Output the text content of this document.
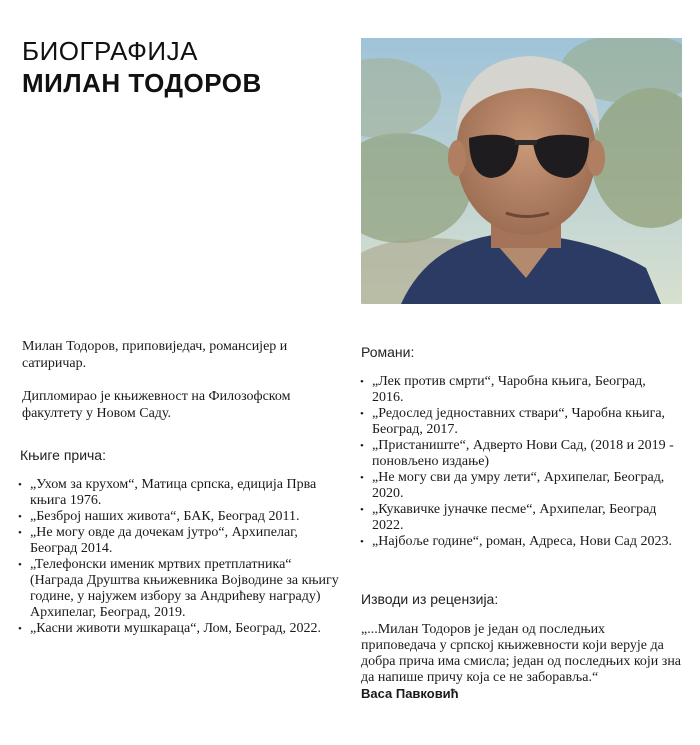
БИОГРАФИЈА
МИЛАН ТОДОРОВ

Милан Тодоров, приповиједач, романсијер и сатиричар.

Дипломирао је књижевност на Филозофском факултету у Новом Саду.

Књиге прича:
• „Ухом за крухом“, Матица српска, едиција Прва књига 1976.
• „Безброј наших живота“, БАК, Београд 2011.
• „Не могу овде да дочекам јутро“, Архипелаг, Београд 2014.
• „Телефонски именик мртвих претплатника“ (Награда Друштва књижевника Војводине за књигу године, у најужем избору за Андрићеву награду) Архипелаг, Београд, 2019.
• „Касни животи мушкараца“, Лом, Београд, 2022.
Романи:
• „Лек против смрти“, Чаробна књига, Београд, 2016.
• „Редослед једноставних ствари“, Чаробна књига, Београд, 2017.
• „Пристаниште“, Адверто Нови Сад, (2018 и 2019 - поновљено издање)
• „Не могу сви да умру лети“, Архипелаг, Београд, 2020.
• „Кукавичке јуначке песме“, Архипелаг, Београд 2022.
• „Најбоље године“, роман, Адреса, Нови Сад 2023.
Изводи из рецензија:
„...Милан Тодоров је један од последњих приповедача у српској књижевности који верује да добра прича има смисла; један од последњих који зна да напише причу која се не заборавља.“
Васа Павковић
